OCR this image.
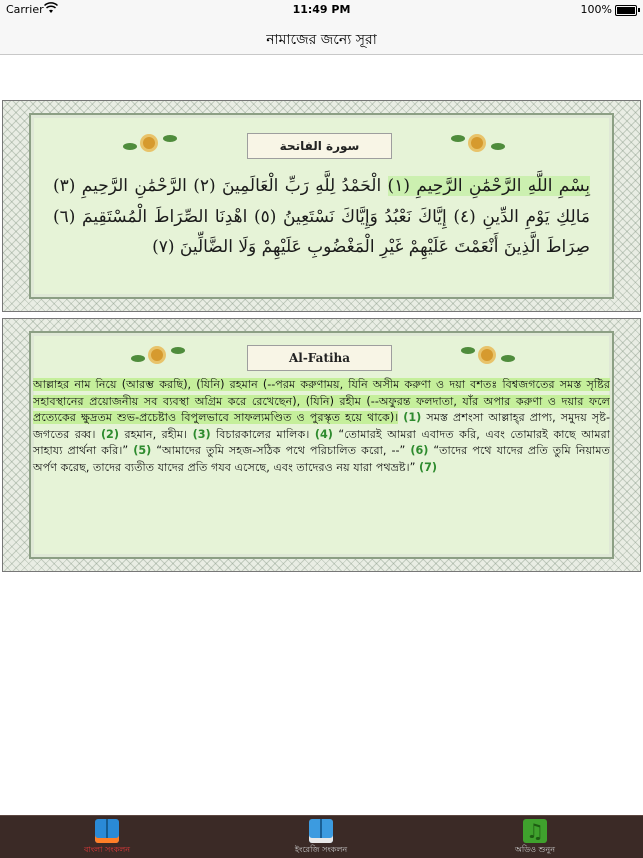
Carrier	11:49 PM	100%
নামাজের জন্যে সূরা
سورة الفاتحة
بِسْمِ اللَّهِ الرَّحْمَٰنِ الرَّحِيمِ (١) الْحَمْدُ لِلَّهِ رَبِّ الْعَالَمِينَ (٢) الرَّحْمَٰنِ الرَّحِيمِ (٣) مَالِكِ يَوْمِ الدِّينِ (٤) إِيَّاكَ نَعْبُدُ وَإِيَّاكَ نَسْتَعِينُ (٥) اهْدِنَا الصِّرَاطَ الْمُسْتَقِيمَ (٦) صِرَاطَ الَّذِينَ أَنْعَمْتَ عَلَيْهِمْ غَيْرِ الْمَغْضُوبِ عَلَيْهِمْ وَلَا الضَّالِّينَ (٧)
Al-Fatiha
আল্লাহর নাম নিয়ে (আরম্ভ করছি), (যিনি) রহমান (--পরম করুণাময়, যিনি অসীম করুণা ও দয়া বশতঃ বিশ্বজগতের সমস্ত সৃষ্টির সহাবস্থানের প্রয়োজনীয় সব ব্যবস্থা অগ্রিম করে রেখেছেন), (যিনি) রহীম (--অফুরন্ত ফলদাতা, যাঁর অপার করুণা ও দয়ার ফলে প্রত্যেকের ক্ষুদ্রতম শুভ-প্রচেষ্টাও বিপুলভাবে সাফল্যমণ্ডিত ও পুরস্কৃত হয়ে থাকে)। (1) সমস্ত প্রশংসা আল্লাহ্‌র প্রাপ্য, সমুদয় সৃষ্ট-জগতের রব্ব। (2) রহমান, রহীম। (3) বিচারকালের মালিক। (4) “তোমারই আমরা এবাদত করি, এবং তোমারই কাছে আমরা সাহায্য প্রার্থনা করি।” (5) “আমাদের তুমি সহজ-সঠিক পথে পরিচালিত করো, --” (6) “তাদের পথে যাদের প্রতি তুমি নিয়ামত অর্পণ করেছ, তাদের ব্যতীত যাদের প্রতি গযব এসেছে, এবং তাদেরও নয় যারা পথভ্রষ্ট।” (7)
বাংলা সংকলন	ইংরেজি সংকলন
♫	অডিও শুনুন
